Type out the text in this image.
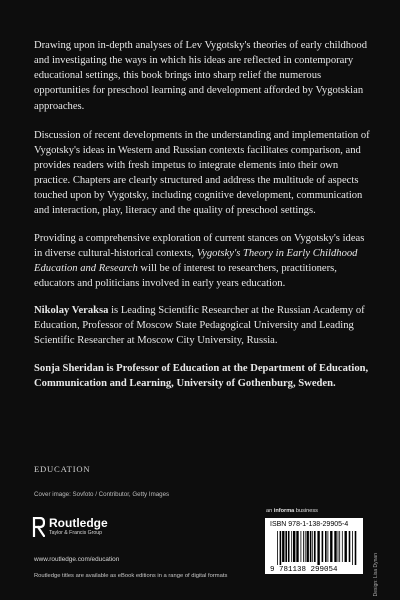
Drawing upon in-depth analyses of Lev Vygotsky's theories of early childhood and investigating the ways in which his ideas are reflected in contemporary educational settings, this book brings into sharp relief the numerous opportunities for preschool learning and development afforded by Vygotskian approaches.

Discussion of recent developments in the understanding and implementation of Vygotsky's ideas in Western and Russian contexts facilitates comparison, and provides readers with fresh impetus to integrate elements into their own practice. Chapters are clearly structured and address the multitude of aspects touched upon by Vygotsky, including cognitive development, communication and interaction, play, literacy and the quality of preschool settings.

Providing a comprehensive exploration of current stances on Vygotsky's ideas in diverse cultural-historical contexts, Vygotsky's Theory in Early Childhood Education and Research will be of interest to researchers, practitioners, educators and politicians involved in early years education.

Nikolay Veraksa is Leading Scientific Researcher at the Russian Academy of Education, Professor of Moscow State Pedagogical University and Leading Scientific Researcher at Moscow City University, Russia.

Sonja Sheridan is Professor of Education at the Department of Education, Communication and Learning, University of Gothenburg, Sweden.

EDUCATION
Cover image: Sovfoto / Contributor, Getty Images
Routledge
Taylor & Francis Group
www.routledge.com/education
Routledge titles are available as eBook editions in a range of digital formats
an informa business
ISBN 978-1-138-29905-4
9 781138 299054	Design: Lisa Dynan
